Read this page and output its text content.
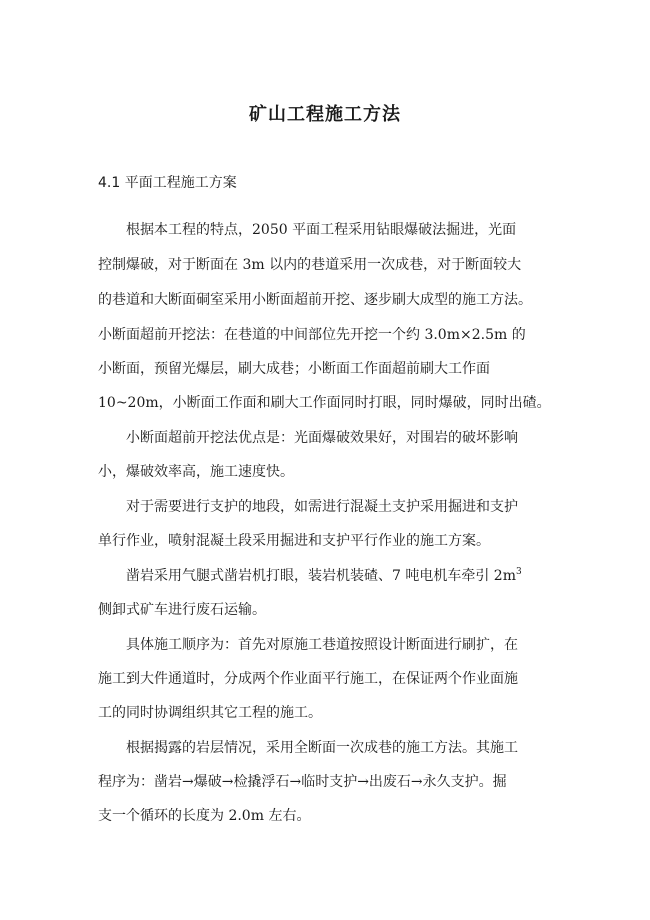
矿山工程施工方法
4.1 平面工程施工方案
根据本工程的特点，2050 平面工程采用钻眼爆破法掘进，光面
控制爆破，对于断面在 3m 以内的巷道采用一次成巷，对于断面较大
的巷道和大断面硐室采用小断面超前开挖、逐步刷大成型的施工方法。
小断面超前开挖法：在巷道的中间部位先开挖一个约 3.0m×2.5m 的
小断面，预留光爆层，刷大成巷；小断面工作面超前刷大工作面
10~20m，小断面工作面和刷大工作面同时打眼，同时爆破，同时出碴。
小断面超前开挖法优点是：光面爆破效果好，对围岩的破坏影响
小，爆破效率高，施工速度快。
对于需要进行支护的地段，如需进行混凝土支护采用掘进和支护
单行作业，喷射混凝土段采用掘进和支护平行作业的施工方案。
凿岩采用气腿式凿岩机打眼，装岩机装碴、7 吨电机车牵引 $2m^3$
侧卸式矿车进行废石运输。
具体施工顺序为：首先对原施工巷道按照设计断面进行刷扩，在
施工到大件通道时，分成两个作业面平行施工，在保证两个作业面施
工的同时协调组织其它工程的施工。
根据揭露的岩层情况，采用全断面一次成巷的施工方法。其施工
程序为：凿岩→爆破→检撬浮石→临时支护→出废石→永久支护。掘
支一个循环的长度为 2.0m 左右。
